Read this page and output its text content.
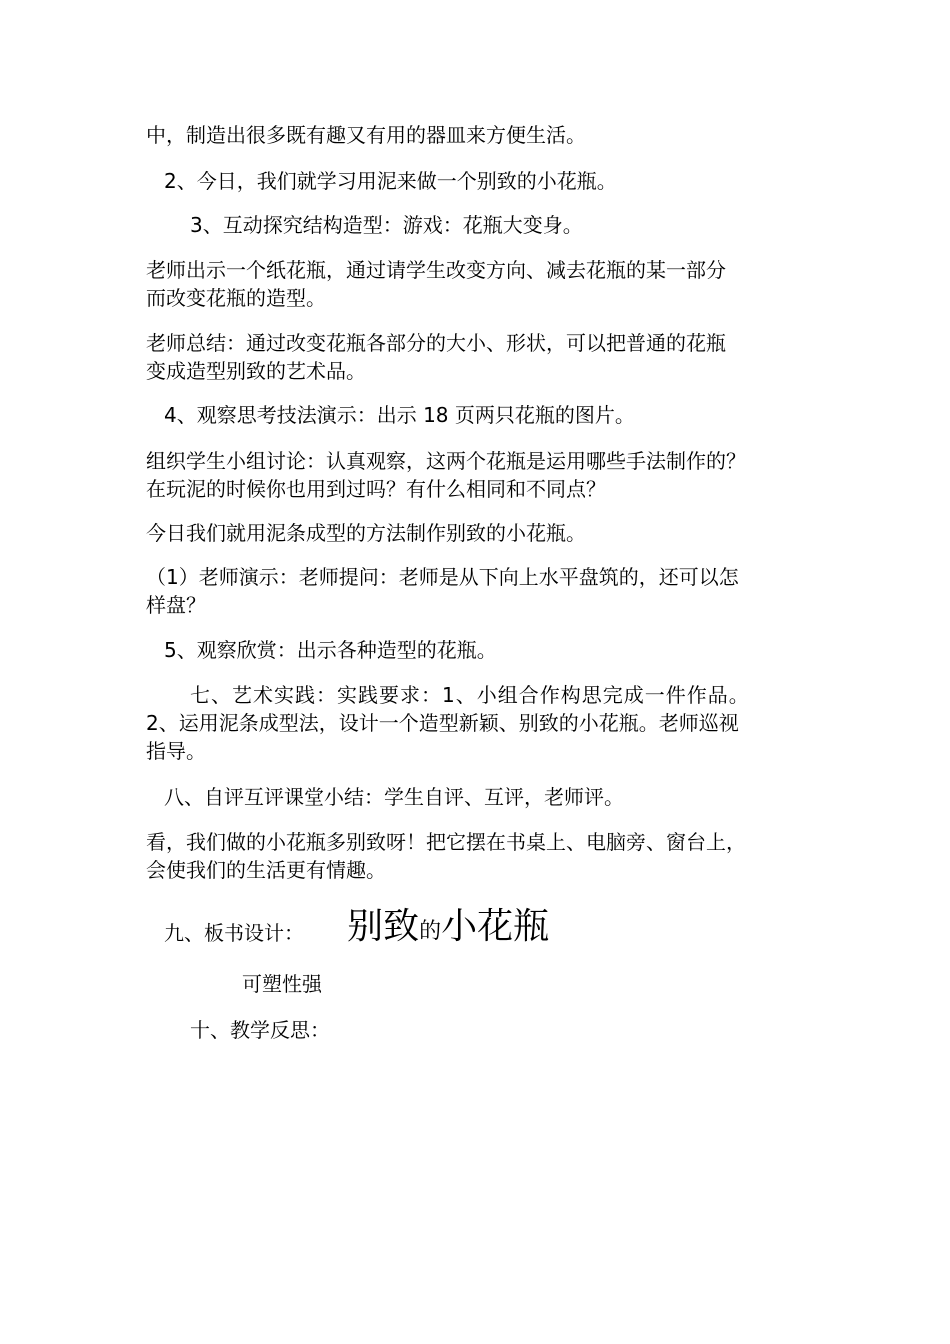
中，制造出很多既有趣又有用的器皿来方便生活。
2、今日，我们就学习用泥来做一个别致的小花瓶。
3、互动探究结构造型：游戏：花瓶大变身。
老师出示一个纸花瓶，通过请学生改变方向、减去花瓶的某一部分
而改变花瓶的造型。
老师总结：通过改变花瓶各部分的大小、形状，可以把普通的花瓶
变成造型别致的艺术品。
4、观察思考技法演示：出示 18 页两只花瓶的图片。
组织学生小组讨论：认真观察，这两个花瓶是运用哪些手法制作的？
在玩泥的时候你也用到过吗？有什么相同和不同点？
今日我们就用泥条成型的方法制作别致的小花瓶。
（1）老师演示：老师提问：老师是从下向上水平盘筑的，还可以怎
样盘？
5、观察欣赏：出示各种造型的花瓶。
七、艺术实践：实践要求：1、小组合作构思完成一件作品。
2、运用泥条成型法，设计一个造型新颖、别致的小花瓶。老师巡视
指导。
八、自评互评课堂小结：学生自评、互评，老师评。
看，我们做的小花瓶多别致呀！把它摆在书桌上、电脑旁、窗台上，
会使我们的生活更有情趣。
九、板书设计： 别致的小花瓶
可塑性强
十、教学反思：
